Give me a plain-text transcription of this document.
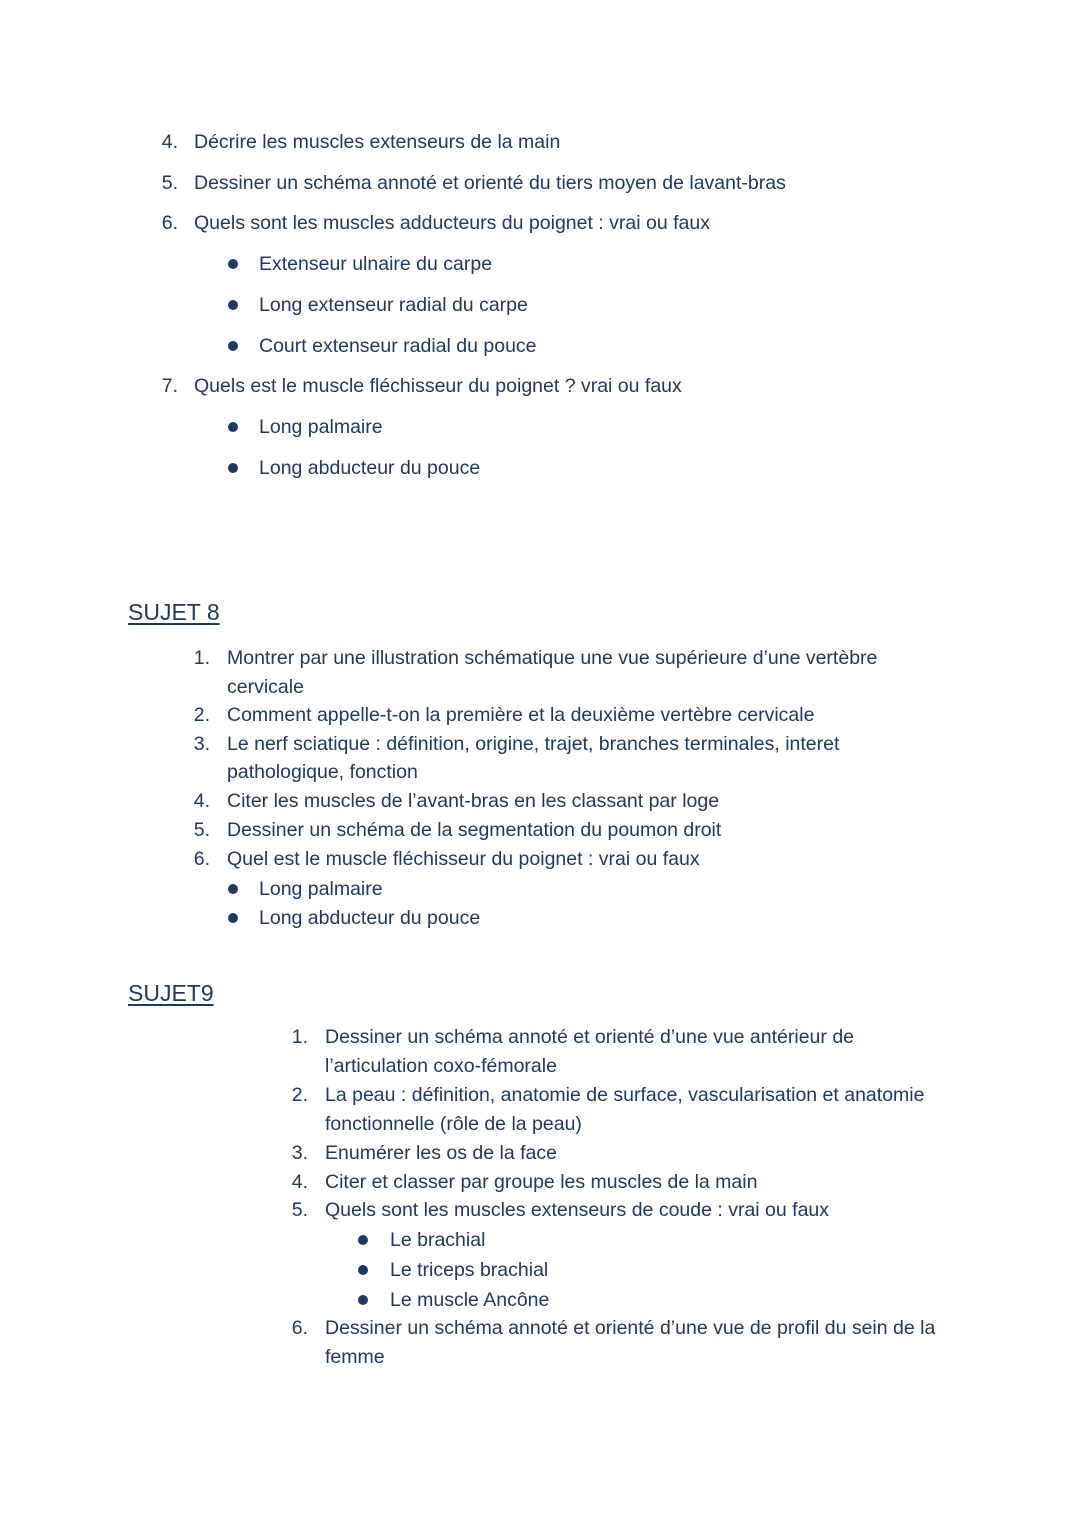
4. Décrire les muscles extenseurs de la main
5. Dessiner un schéma annoté et orienté du tiers moyen de lavant-bras
6. Quels sont les muscles adducteurs du poignet : vrai ou faux
Extenseur ulnaire du carpe
Long extenseur radial du carpe
Court extenseur radial du pouce
7. Quels est le muscle fléchisseur du poignet ? vrai ou faux
Long palmaire
Long abducteur du pouce
SUJET 8
1. Montrer par une illustration schématique une vue supérieure d’une vertèbre
cervicale
2. Comment appelle-t-on la première et la deuxième vertèbre cervicale
3. Le nerf sciatique : définition, origine, trajet, branches terminales, interet
pathologique, fonction
4. Citer les muscles de l’avant-bras en les classant par loge
5. Dessiner un schéma de la segmentation du poumon droit
6. Quel est le muscle fléchisseur du poignet : vrai ou faux
Long palmaire
Long abducteur du pouce
SUJET9
1. Dessiner un schéma annoté et orienté d’une vue antérieur de
l’articulation coxo-fémorale
2. La peau : définition, anatomie de surface, vascularisation et anatomie
fonctionnelle (rôle de la peau)
3. Enumérer les os de la face
4. Citer et classer par groupe les muscles de la main
5. Quels sont les muscles extenseurs de coude : vrai ou faux
Le brachial
Le triceps brachial
Le muscle Ancône
6. Dessiner un schéma annoté et orienté d’une vue de profil du sein de la
femme
